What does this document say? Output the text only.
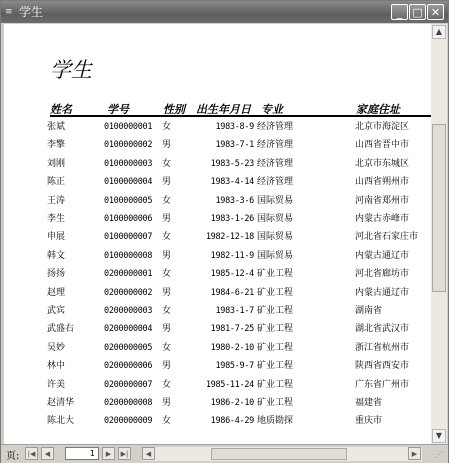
≡ 学生	_ □ ✕
学生
姓名	学号	性别 出生年月日 专业	家庭住址
张斌	0100000001 女	1983-8-9 经济管理	北京市海淀区
李擎	0100000002 男	1983-7-1 经济管理	山西省晋中市
刘刚	0100000003 女	1983-5-23 经济管理	北京市东城区
陈正	0100000004 男	1983-4-14 经济管理	山西省朔州市
王涛	0100000005 女	1983-3-6 国际贸易	河南省郑州市
李生	0100000006 男	1983-1-26 国际贸易	内蒙古赤峰市
申展	0100000007 女	1982-12-18 国际贸易	河北省石家庄市
韩文	0100000008 男	1982-11-9 国际贸易	内蒙古通辽市
扬扬	0200000001 女	1985-12-4 矿业工程	河北省廊坊市
赵理	0200000002 男	1984-6-21 矿业工程	内蒙古通辽市
武宾	0200000003 女	1983-1-7 矿业工程	湖南省
武盛右	0200000004 男	1981-7-25 矿业工程	湖北省武汉市
吴妙	0200000005 女	1980-2-10 矿业工程	浙江省杭州市
林中	0200000006 男	1985-9-7 矿业工程	陕西省西安市
许美	0200000007 女	1985-11-24 矿业工程	广东省广州市
赵清华	0200000008 男	1986-2-10 矿业工程	福建省
陈北大	0200000009 女	1986-4-29 地质勘探	重庆市
▲
▼
页:	|◀	◀	1	▶	▶|	◀	▶	⋰
